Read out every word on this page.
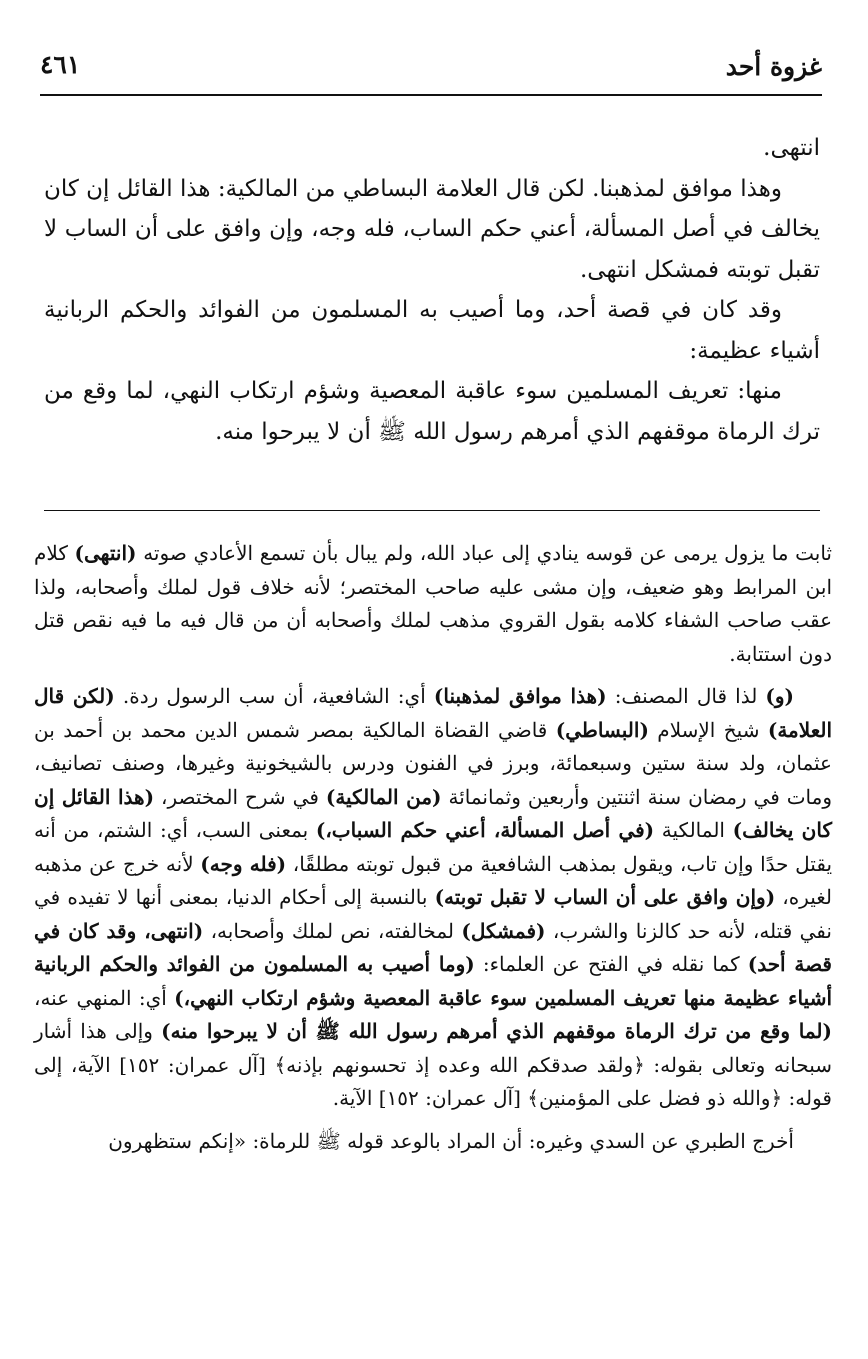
غزوة أحد
٤٦١

انتهى.

وهذا موافق لمذهبنا. لكن قال العلامة البساطي من المالكية: هذا القائل إن كان يخالف في أصل المسألة، أعني حكم الساب، فله وجه، وإن وافق على أن الساب لا تقبل توبته فمشكل انتهى.

وقد كان في قصة أحد، وما أصيب به المسلمون من الفوائد والحكم الربانية أشياء عظيمة:

منها: تعريف المسلمين سوء عاقبة المعصية وشؤم ارتكاب النهي، لما وقع من ترك الرماة موقفهم الذي أمرهم رسول الله ﷺ أن لا يبرحوا منه.

ثابت ما يزول يرمى عن قوسه ينادي إلى عباد الله، ولم يبال بأن تسمع الأعادي صوته (انتهى) كلام ابن المرابط وهو ضعيف، وإن مشى عليه صاحب المختصر؛ لأنه خلاف قول لملك وأصحابه، ولذا عقب صاحب الشفاء كلامه بقول القروي مذهب لملك وأصحابه أن من قال فيه ما فيه نقص قتل دون استتابة.

(و) لذا قال المصنف: (هذا موافق لمذهبنا) أي: الشافعية، أن سب الرسول ردة. (لكن قال العلامة) شيخ الإسلام (البساطي) قاضي القضاة المالكية بمصر شمس الدين محمد بن أحمد بن عثمان، ولد سنة ستين وسبعمائة، وبرز في الفنون ودرس بالشيخونية وغيرها، وصنف تصانيف، ومات في رمضان سنة اثنتين وأربعين وثمانمائة (من المالكية) في شرح المختصر، (هذا القائل إن كان يخالف) المالكية (في أصل المسألة، أعني حكم السباب،) بمعنى السب، أي: الشتم، من أنه يقتل حدًا وإن تاب، ويقول بمذهب الشافعية من قبول توبته مطلقًا، (فله وجه) لأنه خرج عن مذهبه لغيره، (وإن وافق على أن الساب لا تقبل توبته) بالنسبة إلى أحكام الدنيا، بمعنى أنها لا تفيده في نفي قتله، لأنه حد كالزنا والشرب، (فمشكل) لمخالفته، نص لملك وأصحابه، (انتهى، وقد كان في قصة أحد) كما نقله في الفتح عن العلماء: (وما أصيب به المسلمون من الفوائد والحكم الربانية أشياء عظيمة منها تعريف المسلمين سوء عاقبة المعصية وشؤم ارتكاب النهي،) أي: المنهي عنه، (لما وقع من ترك الرماة موقفهم الذي أمرهم رسول الله ﷺ أن لا يبرحوا منه) وإلى هذا أشار سبحانه وتعالى بقوله: ﴿ولقد صدقكم الله وعده إذ تحسونهم بإذنه﴾ [آل عمران: ١٥٢] الآية، إلى قوله: ﴿والله ذو فضل على المؤمنين﴾ [آل عمران: ١٥٢] الآية.

أخرج الطبري عن السدي وغيره: أن المراد بالوعد قوله ﷺ للرماة: «إنكم ستظهرون
